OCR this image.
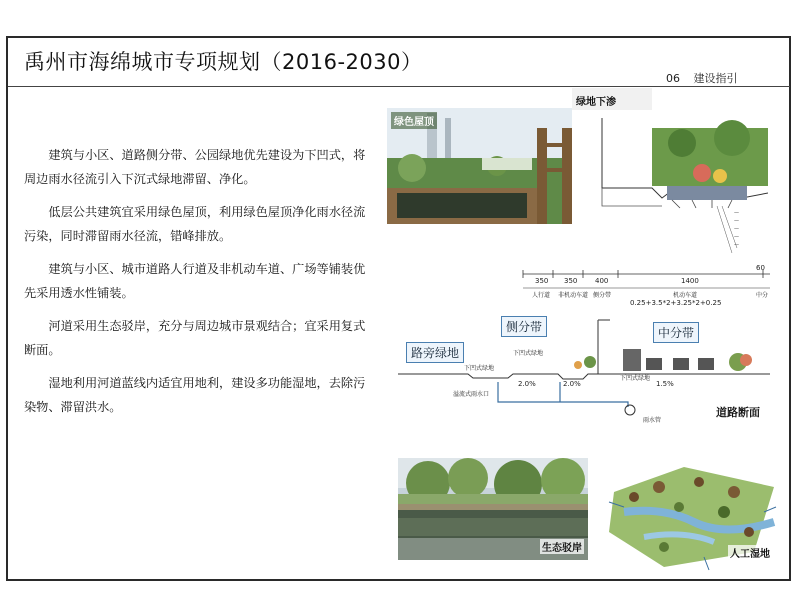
禹州市海绵城市专项规划（2016-2030）
06 建设指引

建筑与小区、道路侧分带、公园绿地优先建设为下凹式，将周边雨水径流引入下沉式绿地滞留、净化。

低层公共建筑宜采用绿色屋顶，利用绿色屋顶净化雨水径流污染，同时滞留雨水径流，错峰排放。

建筑与小区、城市道路人行道及非机动车道、广场等铺装优先采用透水性铺装。

河道采用生态驳岸，充分与周边城市景观结合；宜采用复式断面。

湿地利用河道蓝线内适宜用地利，建设多功能湿地，去除污染物、滞留洪水。

绿色屋顶
—
—
—
—
—
绿地下渗
350 350	400	1400
60
人行道 非机动车道 侧分带	机动车道	中分
0.25+3.5*2+3.25*2+0.25
2.0%	2.0%	1.5%
下凹式绿地
下凹式绿地
下凹式绿地
溢流式雨水口
雨水管
路旁绿地
侧分带	中分带
道路断面
生态驳岸
人工湿地
